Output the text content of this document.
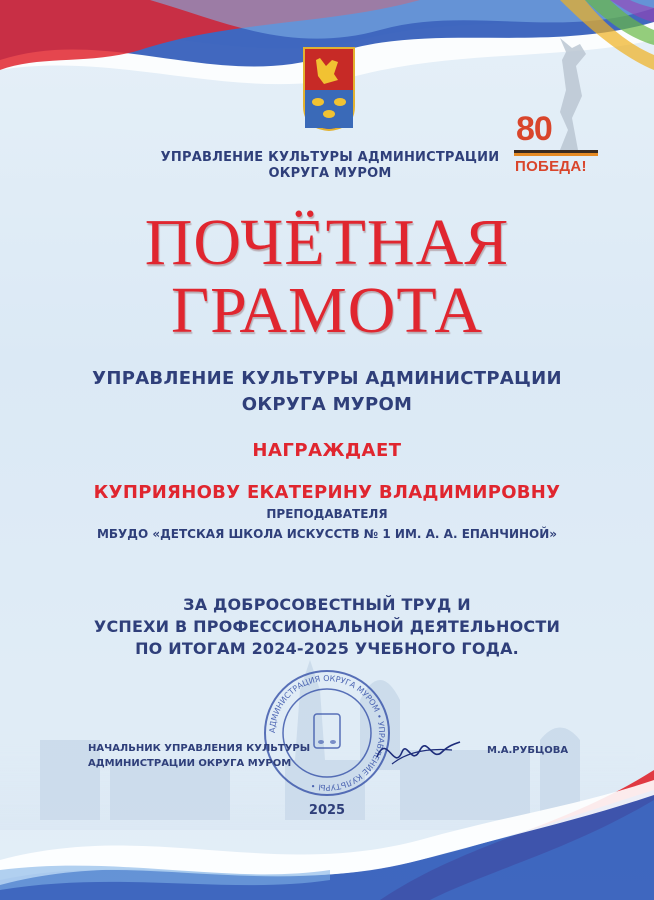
80
ПОБЕДА!
УПРАВЛЕНИЕ КУЛЬТУРЫ АДМИНИСТРАЦИИ
ОКРУГА МУРОМ
ПОЧЁТНАЯ
ГРАМОТА
УПРАВЛЕНИЕ КУЛЬТУРЫ АДМИНИСТРАЦИИ
ОКРУГА МУРОМ
НАГРАЖДАЕТ
КУПРИЯНОВУ ЕКАТЕРИНУ ВЛАДИМИРОВНУ
ПРЕПОДАВАТЕЛЯ
МБУДО «ДЕТСКАЯ ШКОЛА ИСКУССТВ № 1 ИМ. А. А. ЕПАНЧИНОЙ»
ЗА ДОБРОСОВЕСТНЫЙ ТРУД И
УСПЕХИ В ПРОФЕССИОНАЛЬНОЙ ДЕЯТЕЛЬНОСТИ
ПО ИТОГАМ 2024-2025 УЧЕБНОГО ГОДА.
АДМИНИСТРАЦИЯ ОКРУГА МУРОМ • УПРАВЛЕНИЕ КУЛЬТУРЫ •
НАЧАЛЬНИК УПРАВЛЕНИЯ КУЛЬТУРЫ
АДМИНИСТРАЦИИ ОКРУГА МУРОМ
М.А.РУБЦОВА
2025
